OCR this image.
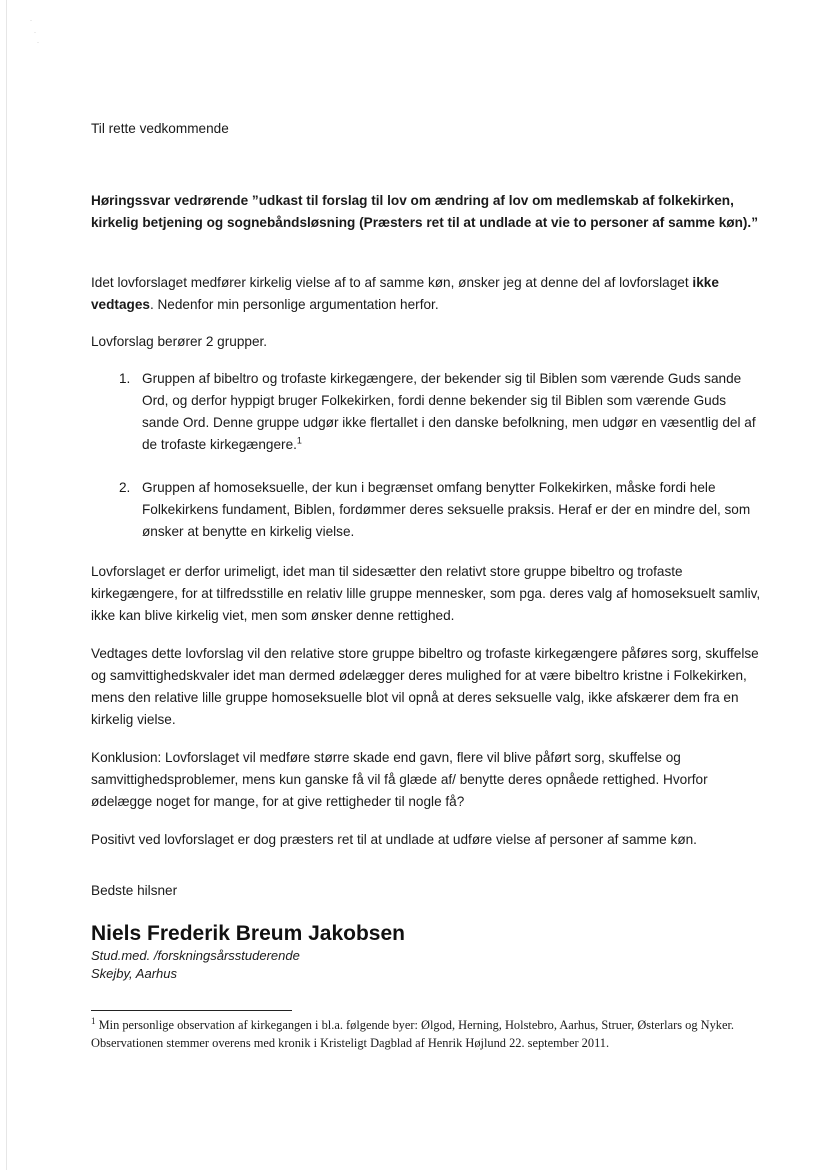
·
·
·

Til rette vedkommende

Høringssvar vedrørende ”udkast til forslag til lov om ændring af lov om medlemskab af folkekirken, kirkelig betjening og sognebåndsløsning (Præsters ret til at undlade at vie to personer af samme køn).”

Idet lovforslaget medfører kirkelig vielse af to af samme køn, ønsker jeg at denne del af lovforslaget ikke vedtages. Nedenfor min personlige argumentation herfor.

Lovforslag berører 2 grupper.

1. Gruppen af bibeltro og trofaste kirkegængere, der bekender sig til Biblen som værende Guds sande Ord, og derfor hyppigt bruger Folkekirken, fordi denne bekender sig til Biblen som værende Guds sande Ord. Denne gruppe udgør ikke flertallet i den danske befolkning, men udgør en væsentlig del af de trofaste kirkegængere.$^1$
2. Gruppen af homoseksuelle, der kun i begrænset omfang benytter Folkekirken, måske fordi hele Folkekirkens fundament, Biblen, fordømmer deres seksuelle praksis. Heraf er der en mindre del, som ønsker at benytte en kirkelig vielse.

Lovforslaget er derfor urimeligt, idet man til sidesætter den relativt store gruppe bibeltro og trofaste kirkegængere, for at tilfredsstille en relativ lille gruppe mennesker, som pga. deres valg af homoseksuelt samliv, ikke kan blive kirkelig viet, men som ønsker denne rettighed.

Vedtages dette lovforslag vil den relative store gruppe bibeltro og trofaste kirkegængere påføres sorg, skuffelse og samvittighedskvaler idet man dermed ødelægger deres mulighed for at være bibeltro kristne i Folkekirken, mens den relative lille gruppe homoseksuelle blot vil opnå at deres seksuelle valg, ikke afskærer dem fra en kirkelig vielse.

Konklusion: Lovforslaget vil medføre større skade end gavn, flere vil blive påført sorg, skuffelse og samvittighedsproblemer, mens kun ganske få vil få glæde af/ benytte deres opnåede rettighed. Hvorfor ødelægge noget for mange, for at give rettigheder til nogle få?

Positivt ved lovforslaget er dog præsters ret til at undlade at udføre vielse af personer af samme køn.

Bedste hilsner

Niels Frederik Breum Jakobsen
Stud.med. /forskningsårsstuderende
Skejby, Aarhus

$^1$ Min personlige observation af kirkegangen i bl.a. følgende byer: Ølgod, Herning, Holstebro, Aarhus, Struer, Østerlars og Nyker. Observationen stemmer overens med kronik i Kristeligt Dagblad af Henrik Højlund 22. september 2011.
